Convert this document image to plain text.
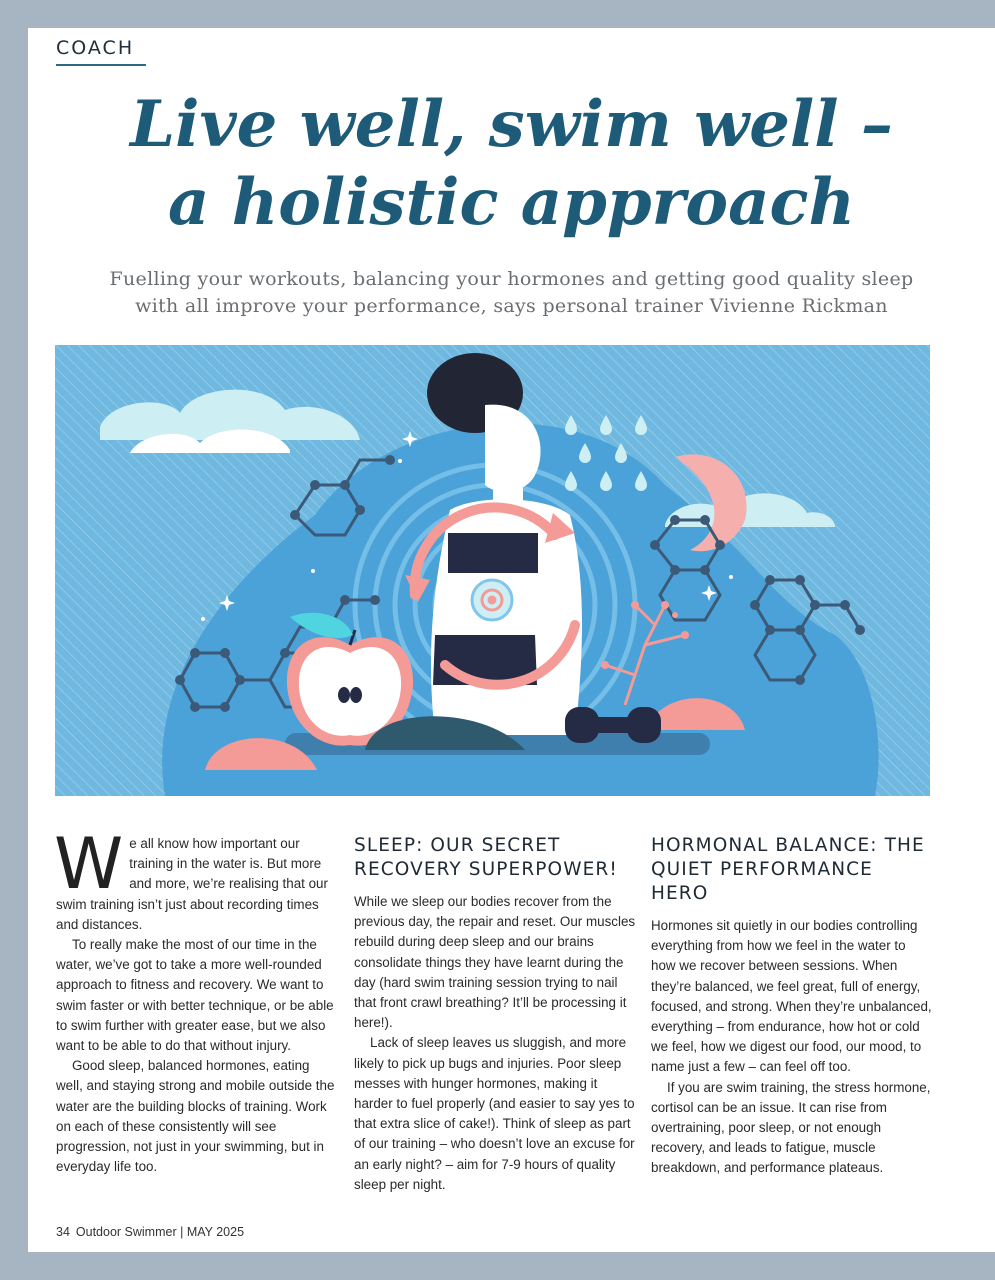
COACH
Live well, swim well –
a holistic approach
Fuelling your workouts, balancing your hormones and getting good quality sleep
with all improve your performance, says personal trainer Vivienne Rickman

We all know how important our training in the water is. But more and more, we’re realising that our swim training isn’t just about recording times and distances.

To really make the most of our time in the water, we’ve got to take a more well-rounded approach to fitness and recovery. We want to swim faster or with better technique, or be able to swim further with greater ease, but we also want to be able to do that without injury.

Good sleep, balanced hormones, eating well, and staying strong and mobile outside the water are the building blocks of training. Work on each of these consistently will see progression, not just in your swimming, but in everyday life too.

SLEEP: OUR SECRET RECOVERY SUPERPOWER!

While we sleep our bodies recover from the previous day, the repair and reset. Our muscles rebuild during deep sleep and our brains consolidate things they have learnt during the day (hard swim training session trying to nail that front crawl breathing? It’ll be processing it here!).

Lack of sleep leaves us sluggish, and more likely to pick up bugs and injuries. Poor sleep messes with hunger hormones, making it harder to fuel properly (and easier to say yes to that extra slice of cake!). Think of sleep as part of our training – who doesn’t love an excuse for an early night? – aim for 7-9 hours of quality sleep per night.

HORMONAL BALANCE: THE QUIET PERFORMANCE HERO

Hormones sit quietly in our bodies controlling everything from how we feel in the water to how we recover between sessions. When they’re balanced, we feel great, full of energy, focused, and strong. When they’re unbalanced, everything – from endurance, how hot or cold we feel, how we digest our food, our mood, to name just a few – can feel off too.

If you are swim training, the stress hormone, cortisol can be an issue. It can rise from overtraining, poor sleep, or not enough recovery, and leads to fatigue, muscle breakdown, and performance plateaus.

34 Outdoor Swimmer | MAY 2025
